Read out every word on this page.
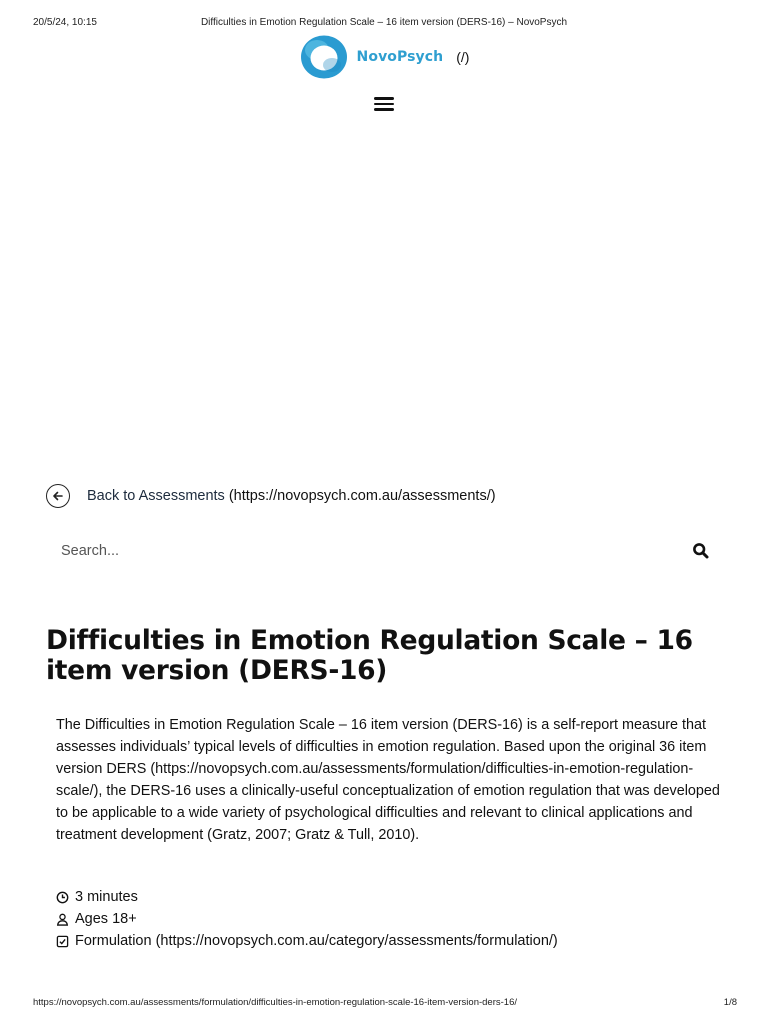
20/5/24, 10:15	Difficulties in Emotion Regulation Scale – 16 item version (DERS-16) – NovoPsych
NovoPsych (/)
Back to Assessments (https://novopsych.com.au/assessments/)
Search...
Difficulties in Emotion Regulation Scale – 16 item version (DERS-16)

The Difficulties in Emotion Regulation Scale – 16 item version (DERS-16) is a self-report measure that assesses individuals’ typical levels of difficulties in emotion regulation. Based upon the original 36 item version DERS (https://novopsych.com.au/assessments/formulation/difficulties-in-emotion-regulation-scale/), the DERS-16 uses a clinically-useful conceptualization of emotion regulation that was developed to be applicable to a wide variety of psychological difficulties and relevant to clinical applications and treatment development (Gratz, 2007; Gratz & Tull, 2010).

3 minutes
Ages 18+
Formulation (https://novopsych.com.au/category/assessments/formulation/)
https://novopsych.com.au/assessments/formulation/difficulties-in-emotion-regulation-scale-16-item-version-ders-16/	1/8
